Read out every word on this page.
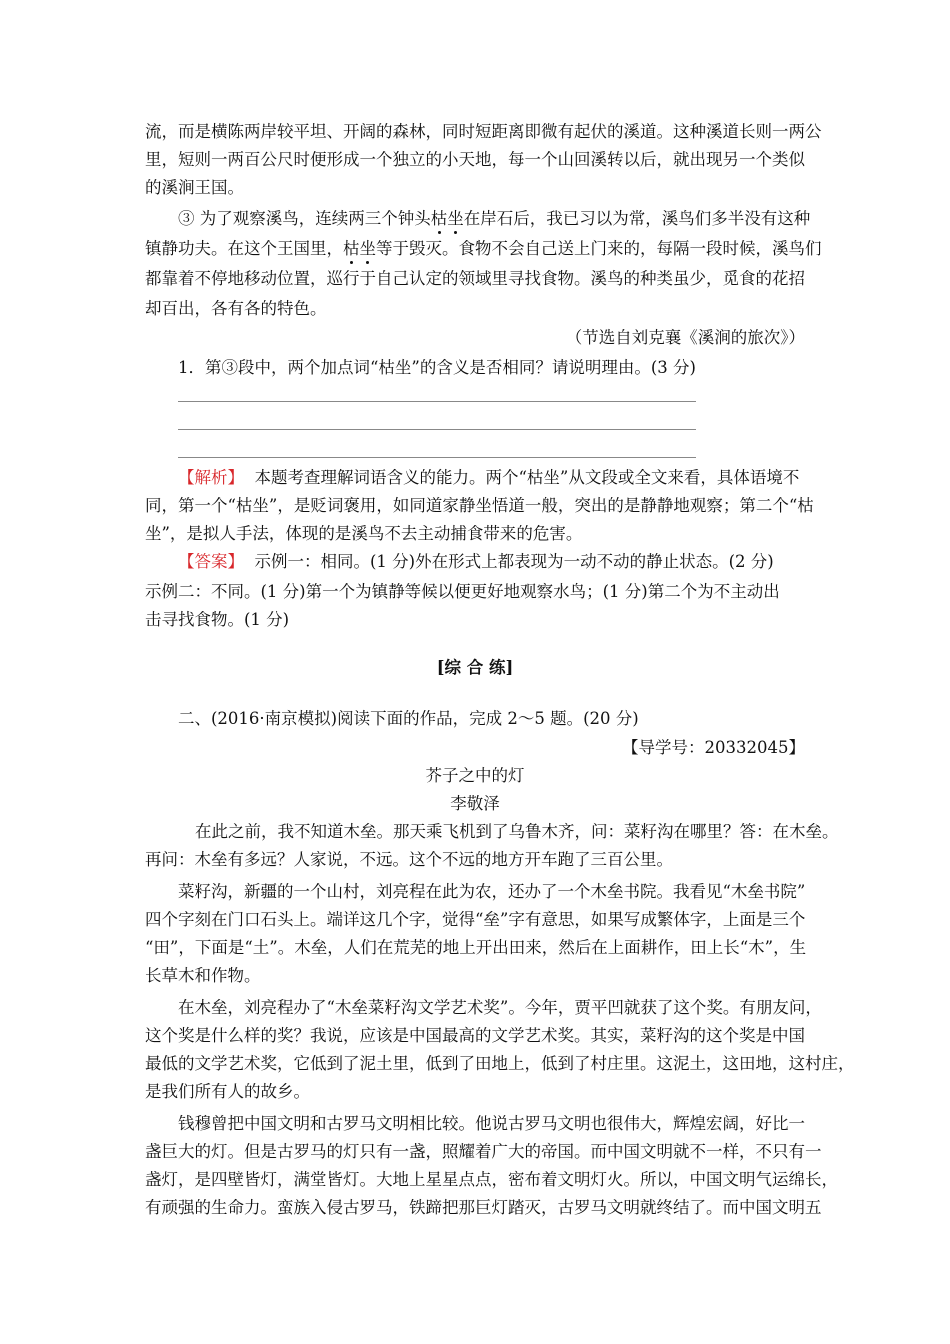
流，而是横陈两岸较平坦、开阔的森林，同时短距离即微有起伏的溪道。这种溪道长则一两公
里，短则一两百公尺时便形成一个独立的小天地，每一个山回溪转以后，就出现另一个类似
的溪涧王国。
③ 为了观察溪鸟，连续两三个钟头枯坐在岸石后，我已习以为常，溪鸟们多半没有这种
镇静功夫。在这个王国里，枯坐等于毁灭。食物不会自己送上门来的，每隔一段时候，溪鸟们
都靠着不停地移动位置，巡行于自己认定的领域里寻找食物。溪鸟的种类虽少，觅食的花招
却百出，各有各的特色。
（节选自刘克襄《溪涧的旅次》）
1．第③段中，两个加点词“枯坐”的含义是否相同？请说明理由。(3 分)
【解析】 本题考查理解词语含义的能力。两个“枯坐”从文段或全文来看，具体语境不
同，第一个“枯坐”，是贬词褒用，如同道家静坐悟道一般，突出的是静静地观察；第二个“枯
坐”，是拟人手法，体现的是溪鸟不去主动捕食带来的危害。
【答案】 示例一：相同。(1 分)外在形式上都表现为一动不动的静止状态。(2 分)
示例二：不同。(1 分)第一个为镇静等候以便更好地观察水鸟；(1 分)第二个为不主动出
击寻找食物。(1 分)
[综 合 练]
二、(2016·南京模拟)阅读下面的作品，完成 2～5 题。(20 分)
【导学号：20332045】
芥子之中的灯
李敬泽
在此之前，我不知道木垒。那天乘飞机到了乌鲁木齐，问：菜籽沟在哪里？答：在木垒。
再问：木垒有多远？人家说，不远。这个不远的地方开车跑了三百公里。
菜籽沟，新疆的一个山村，刘亮程在此为农，还办了一个木垒书院。我看见“木垒书院”
四个字刻在门口石头上。端详这几个字，觉得“垒”字有意思，如果写成繁体字，上面是三个
“田”，下面是“土”。木垒，人们在荒芜的地上开出田来，然后在上面耕作，田上长“木”，生
长草木和作物。
在木垒，刘亮程办了“木垒菜籽沟文学艺术奖”。今年，贾平凹就获了这个奖。有朋友问，
这个奖是什么样的奖？我说，应该是中国最高的文学艺术奖。其实，菜籽沟的这个奖是中国
最低的文学艺术奖，它低到了泥土里，低到了田地上，低到了村庄里。这泥土，这田地，这村庄，
是我们所有人的故乡。
钱穆曾把中国文明和古罗马文明相比较。他说古罗马文明也很伟大，辉煌宏阔，好比一
盏巨大的灯。但是古罗马的灯只有一盏，照耀着广大的帝国。而中国文明就不一样，不只有一
盏灯，是四壁皆灯，满堂皆灯。大地上星星点点，密布着文明灯火。所以，中国文明气运绵长，
有顽强的生命力。蛮族入侵古罗马，铁蹄把那巨灯踏灭，古罗马文明就终结了。而中国文明五
